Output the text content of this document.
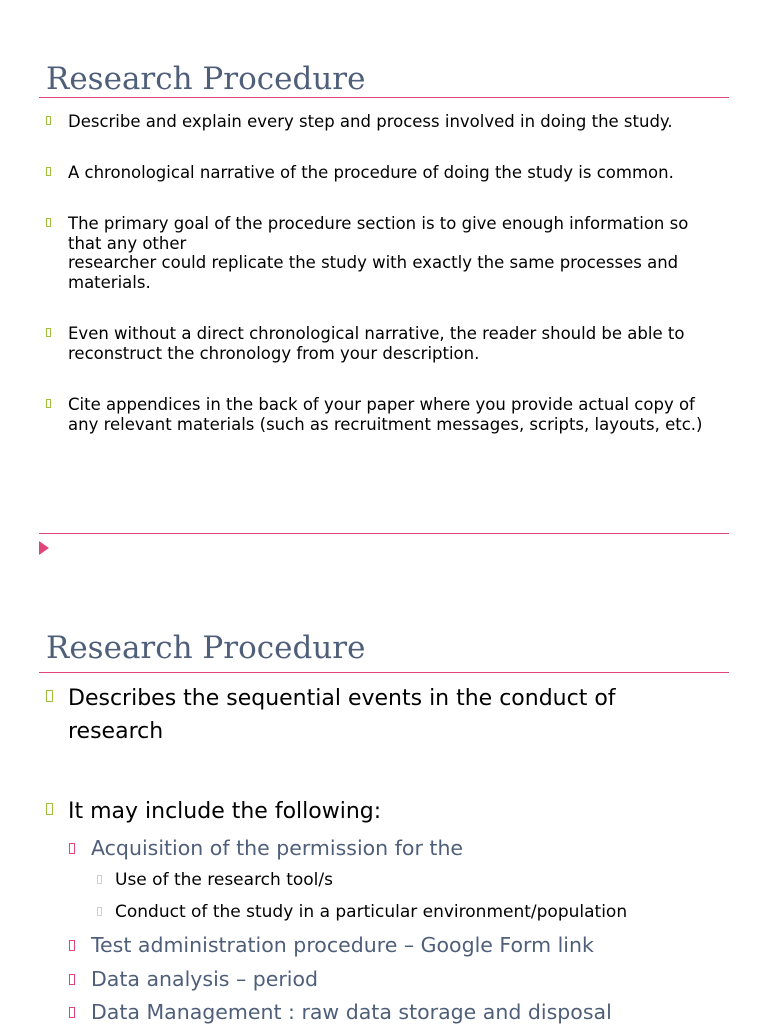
Research Procedure
Describe and explain every step and process involved in doing the study.
A chronological narrative of the procedure of doing the study is common.
The primary goal of the procedure section is to give enough information so
that any other
researcher could replicate the study with exactly the same processes and
materials.
Even without a direct chronological narrative, the reader should be able to
reconstruct the chronology from your description.
Cite appendices in the back of your paper where you provide actual copy of
any relevant materials (such as recruitment messages, scripts, layouts, etc.)
Research Procedure
Describes the sequential events in the conduct of
research
It may include the following:
Acquisition of the permission for the
Use of the research tool/s
Conduct of the study in a particular environment/population
Test administration procedure – Google Form link
Data analysis – period
Data Management : raw data storage and disposal
